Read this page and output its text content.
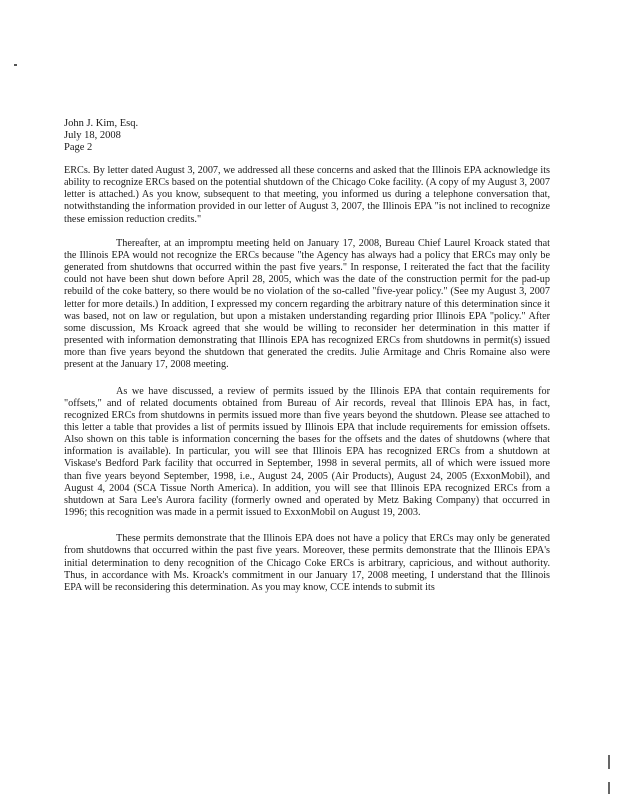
John J. Kim, Esq.
July 18, 2008
Page 2

ERCs. By letter dated August 3, 2007, we addressed all these concerns and asked that the Illinois EPA acknowledge its ability to recognize ERCs based on the potential shutdown of the Chicago Coke facility. (A copy of my August 3, 2007 letter is attached.) As you know, subsequent to that meeting, you informed us during a telephone conversation that, notwithstanding the information provided in our letter of August 3, 2007, the Illinois EPA "is not inclined to recognize these emission reduction credits."

Thereafter, at an impromptu meeting held on January 17, 2008, Bureau Chief Laurel Kroack stated that the Illinois EPA would not recognize the ERCs because "the Agency has always had a policy that ERCs may only be generated from shutdowns that occurred within the past five years." In response, I reiterated the fact that the facility could not have been shut down before April 28, 2005, which was the date of the construction permit for the pad-up rebuild of the coke battery, so there would be no violation of the so-called "five-year policy." (See my August 3, 2007 letter for more details.) In addition, I expressed my concern regarding the arbitrary nature of this determination since it was based, not on law or regulation, but upon a mistaken understanding regarding prior Illinois EPA "policy." After some discussion, Ms Kroack agreed that she would be willing to reconsider her determination in this matter if presented with information demonstrating that Illinois EPA has recognized ERCs from shutdowns in permit(s) issued more than five years beyond the shutdown that generated the credits. Julie Armitage and Chris Romaine also were present at the January 17, 2008 meeting.

As we have discussed, a review of permits issued by the Illinois EPA that contain requirements for "offsets," and of related documents obtained from Bureau of Air records, reveal that Illinois EPA has, in fact, recognized ERCs from shutdowns in permits issued more than five years beyond the shutdown. Please see attached to this letter a table that provides a list of permits issued by Illinois EPA that include requirements for emission offsets. Also shown on this table is information concerning the bases for the offsets and the dates of shutdowns (where that information is available). In particular, you will see that Illinois EPA has recognized ERCs from a shutdown at Viskase's Bedford Park facility that occurred in September, 1998 in several permits, all of which were issued more than five years beyond September, 1998, i.e., August 24, 2005 (Air Products), August 24, 2005 (ExxonMobil), and August 4, 2004 (SCA Tissue North America). In addition, you will see that Illinois EPA recognized ERCs from a shutdown at Sara Lee's Aurora facility (formerly owned and operated by Metz Baking Company) that occurred in 1996; this recognition was made in a permit issued to ExxonMobil on August 19, 2003.

These permits demonstrate that the Illinois EPA does not have a policy that ERCs may only be generated from shutdowns that occurred within the past five years. Moreover, these permits demonstrate that the Illinois EPA's initial determination to deny recognition of the Chicago Coke ERCs is arbitrary, capricious, and without authority. Thus, in accordance with Ms. Kroack's commitment in our January 17, 2008 meeting, I understand that the Illinois EPA will be reconsidering this determination. As you may know, CCE intends to submit its
